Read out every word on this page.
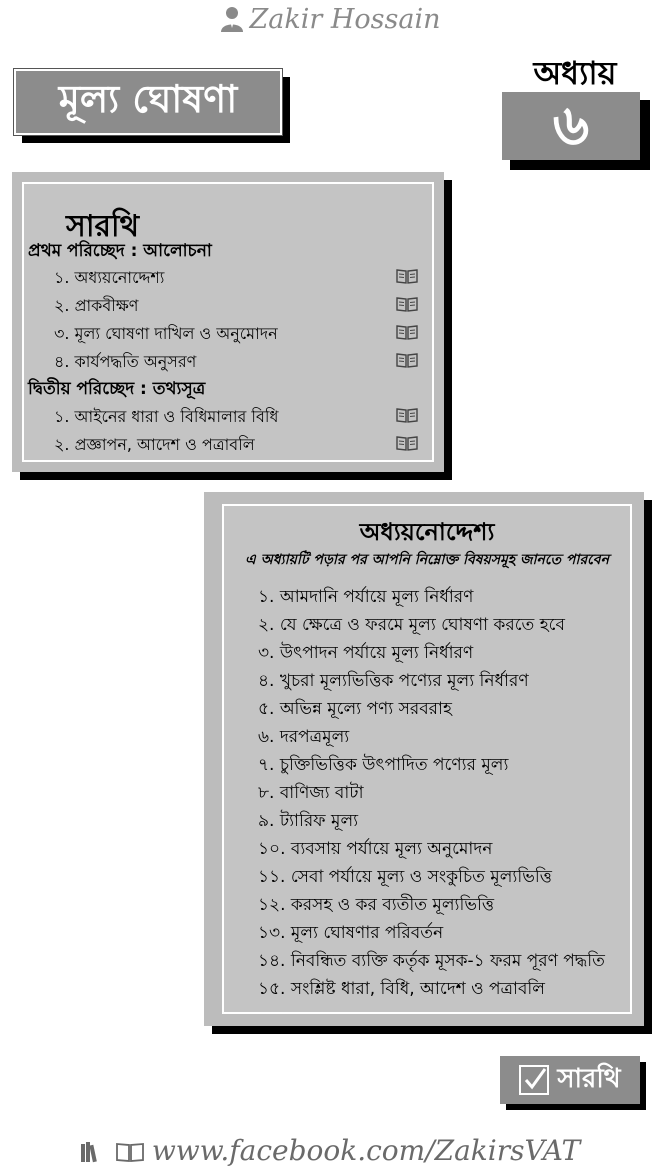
Zakir Hossain
মূল্য ঘোষণা
অধ্যায়
৬
সারথি
প্রথম পরিচ্ছেদ : আলোচনা
১. অধ্যয়নোদ্দেশ্য
২. প্রাকবীক্ষণ
৩. মূল্য ঘোষণা দাখিল ও অনুমোদন
৪. কার্যপদ্ধতি অনুসরণ
দ্বিতীয় পরিচ্ছেদ : তথ্যসূত্র
১. আইনের ধারা ও বিধিমালার বিধি
২. প্রজ্ঞাপন, আদেশ ও পত্রাবলি
অধ্যয়নোদ্দেশ্য
এ অধ্যায়টি পড়ার পর আপনি নিম্নোক্ত বিষয়সমূহ জানতে পারবেন
১. আমদানি পর্যায়ে মূল্য নির্ধারণ
২. যে ক্ষেত্রে ও ফরমে মূল্য ঘোষণা করতে হবে
৩. উৎপাদন পর্যায়ে মূল্য নির্ধারণ
৪. খুচরা মূল্যভিত্তিক পণ্যের মূল্য নির্ধারণ
৫. অভিন্ন মূল্যে পণ্য সরবরাহ
৬. দরপত্রমূল্য
৭. চুক্তিভিত্তিক উৎপাদিত পণ্যের মূল্য
৮. বাণিজ্য বাটা
৯. ট্যারিফ মূল্য
১০. ব্যবসায় পর্যায়ে মূল্য অনুমোদন
১১. সেবা পর্যায়ে মূল্য ও সংকুচিত মূল্যভিত্তি
১২. করসহ ও কর ব্যতীত মূল্যভিত্তি
১৩. মূল্য ঘোষণার পরিবর্তন
১৪. নিবন্ধিত ব্যক্তি কর্তৃক মূসক-১ ফরম পূরণ পদ্ধতি
১৫. সংশ্লিষ্ট ধারা, বিধি, আদেশ ও পত্রাবলি
সারথি
www.facebook.com/ZakirsVAT
